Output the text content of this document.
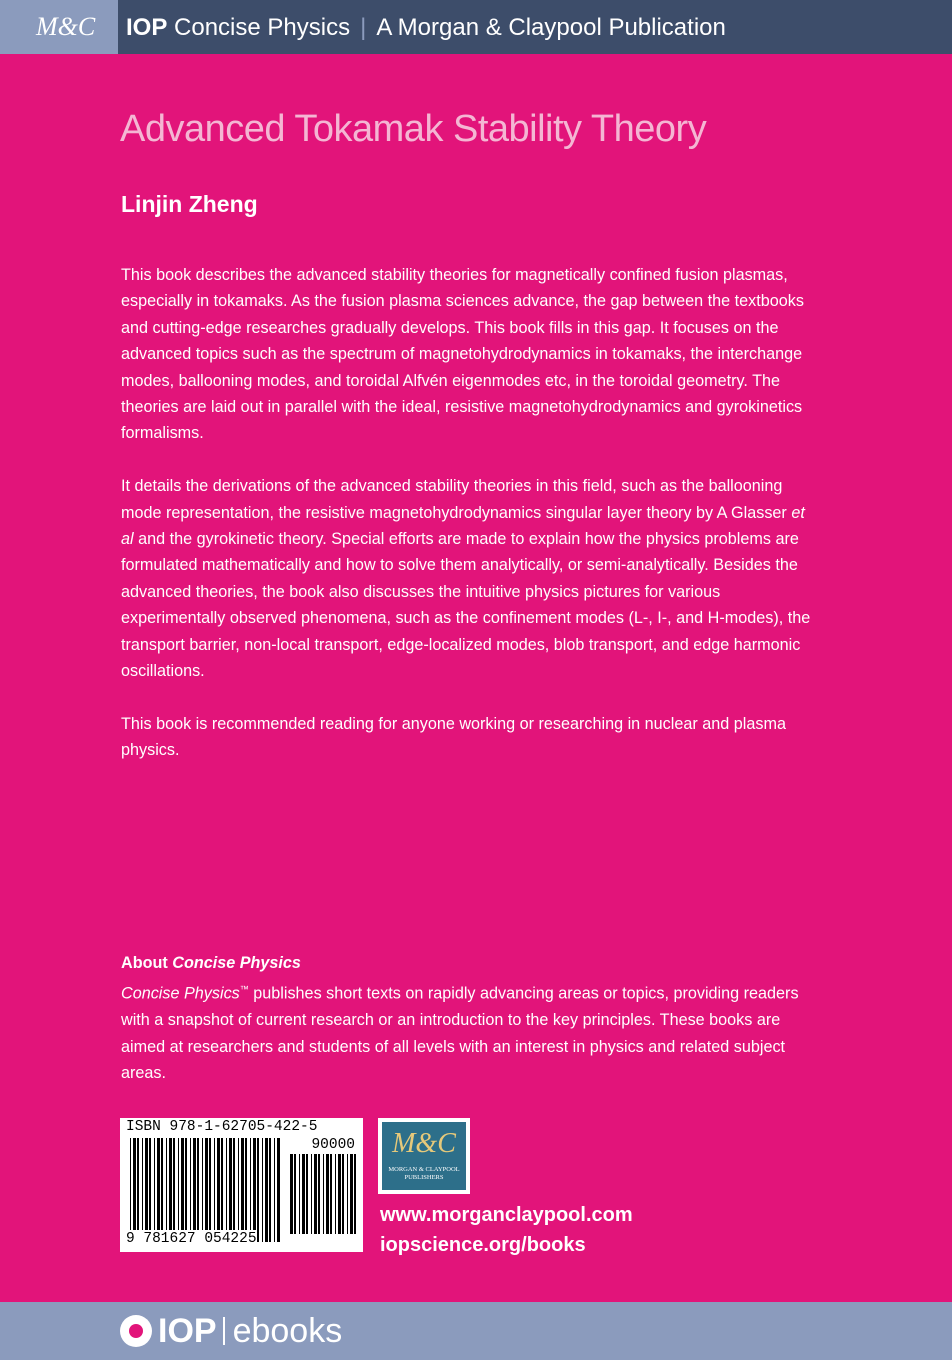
M&C IOP Concise Physics | A Morgan & Claypool Publication
Advanced Tokamak Stability Theory
Linjin Zheng

This book describes the advanced stability theories for magnetically confined fusion plasmas, especially in tokamaks. As the fusion plasma sciences advance, the gap between the textbooks and cutting-edge researches gradually develops. This book fills in this gap. It focuses on the advanced topics such as the spectrum of magnetohydrodynamics in tokamaks, the interchange modes, ballooning modes, and toroidal Alfvén eigenmodes etc, in the toroidal geometry. The theories are laid out in parallel with the ideal, resistive magnetohydrodynamics and gyrokinetics formalisms.

It details the derivations of the advanced stability theories in this field, such as the ballooning mode representation, the resistive magnetohydrodynamics singular layer theory by A Glasser et al and the gyrokinetic theory. Special efforts are made to explain how the physics problems are formulated mathematically and how to solve them analytically, or semi-analytically. Besides the advanced theories, the book also discusses the intuitive physics pictures for various experimentally observed phenomena, such as the confinement modes (L-, I-, and H-modes), the transport barrier, non-local transport, edge-localized modes, blob transport, and edge harmonic oscillations.

This book is recommended reading for anyone working or researching in nuclear and plasma physics.

About Concise Physics
Concise Physics™ publishes short texts on rapidly advancing areas or topics, providing readers with a snapshot of current research or an introduction to the key principles. These books are aimed at researchers and students of all levels with an interest in physics and related subject areas.
ISBN 978-1-62705-422-5
90000
9 781627 054225
M&C
MORGAN & CLAYPOOL
PUBLISHERS
www.morganclaypool.com
iopscience.org/books
IOP ebooks
